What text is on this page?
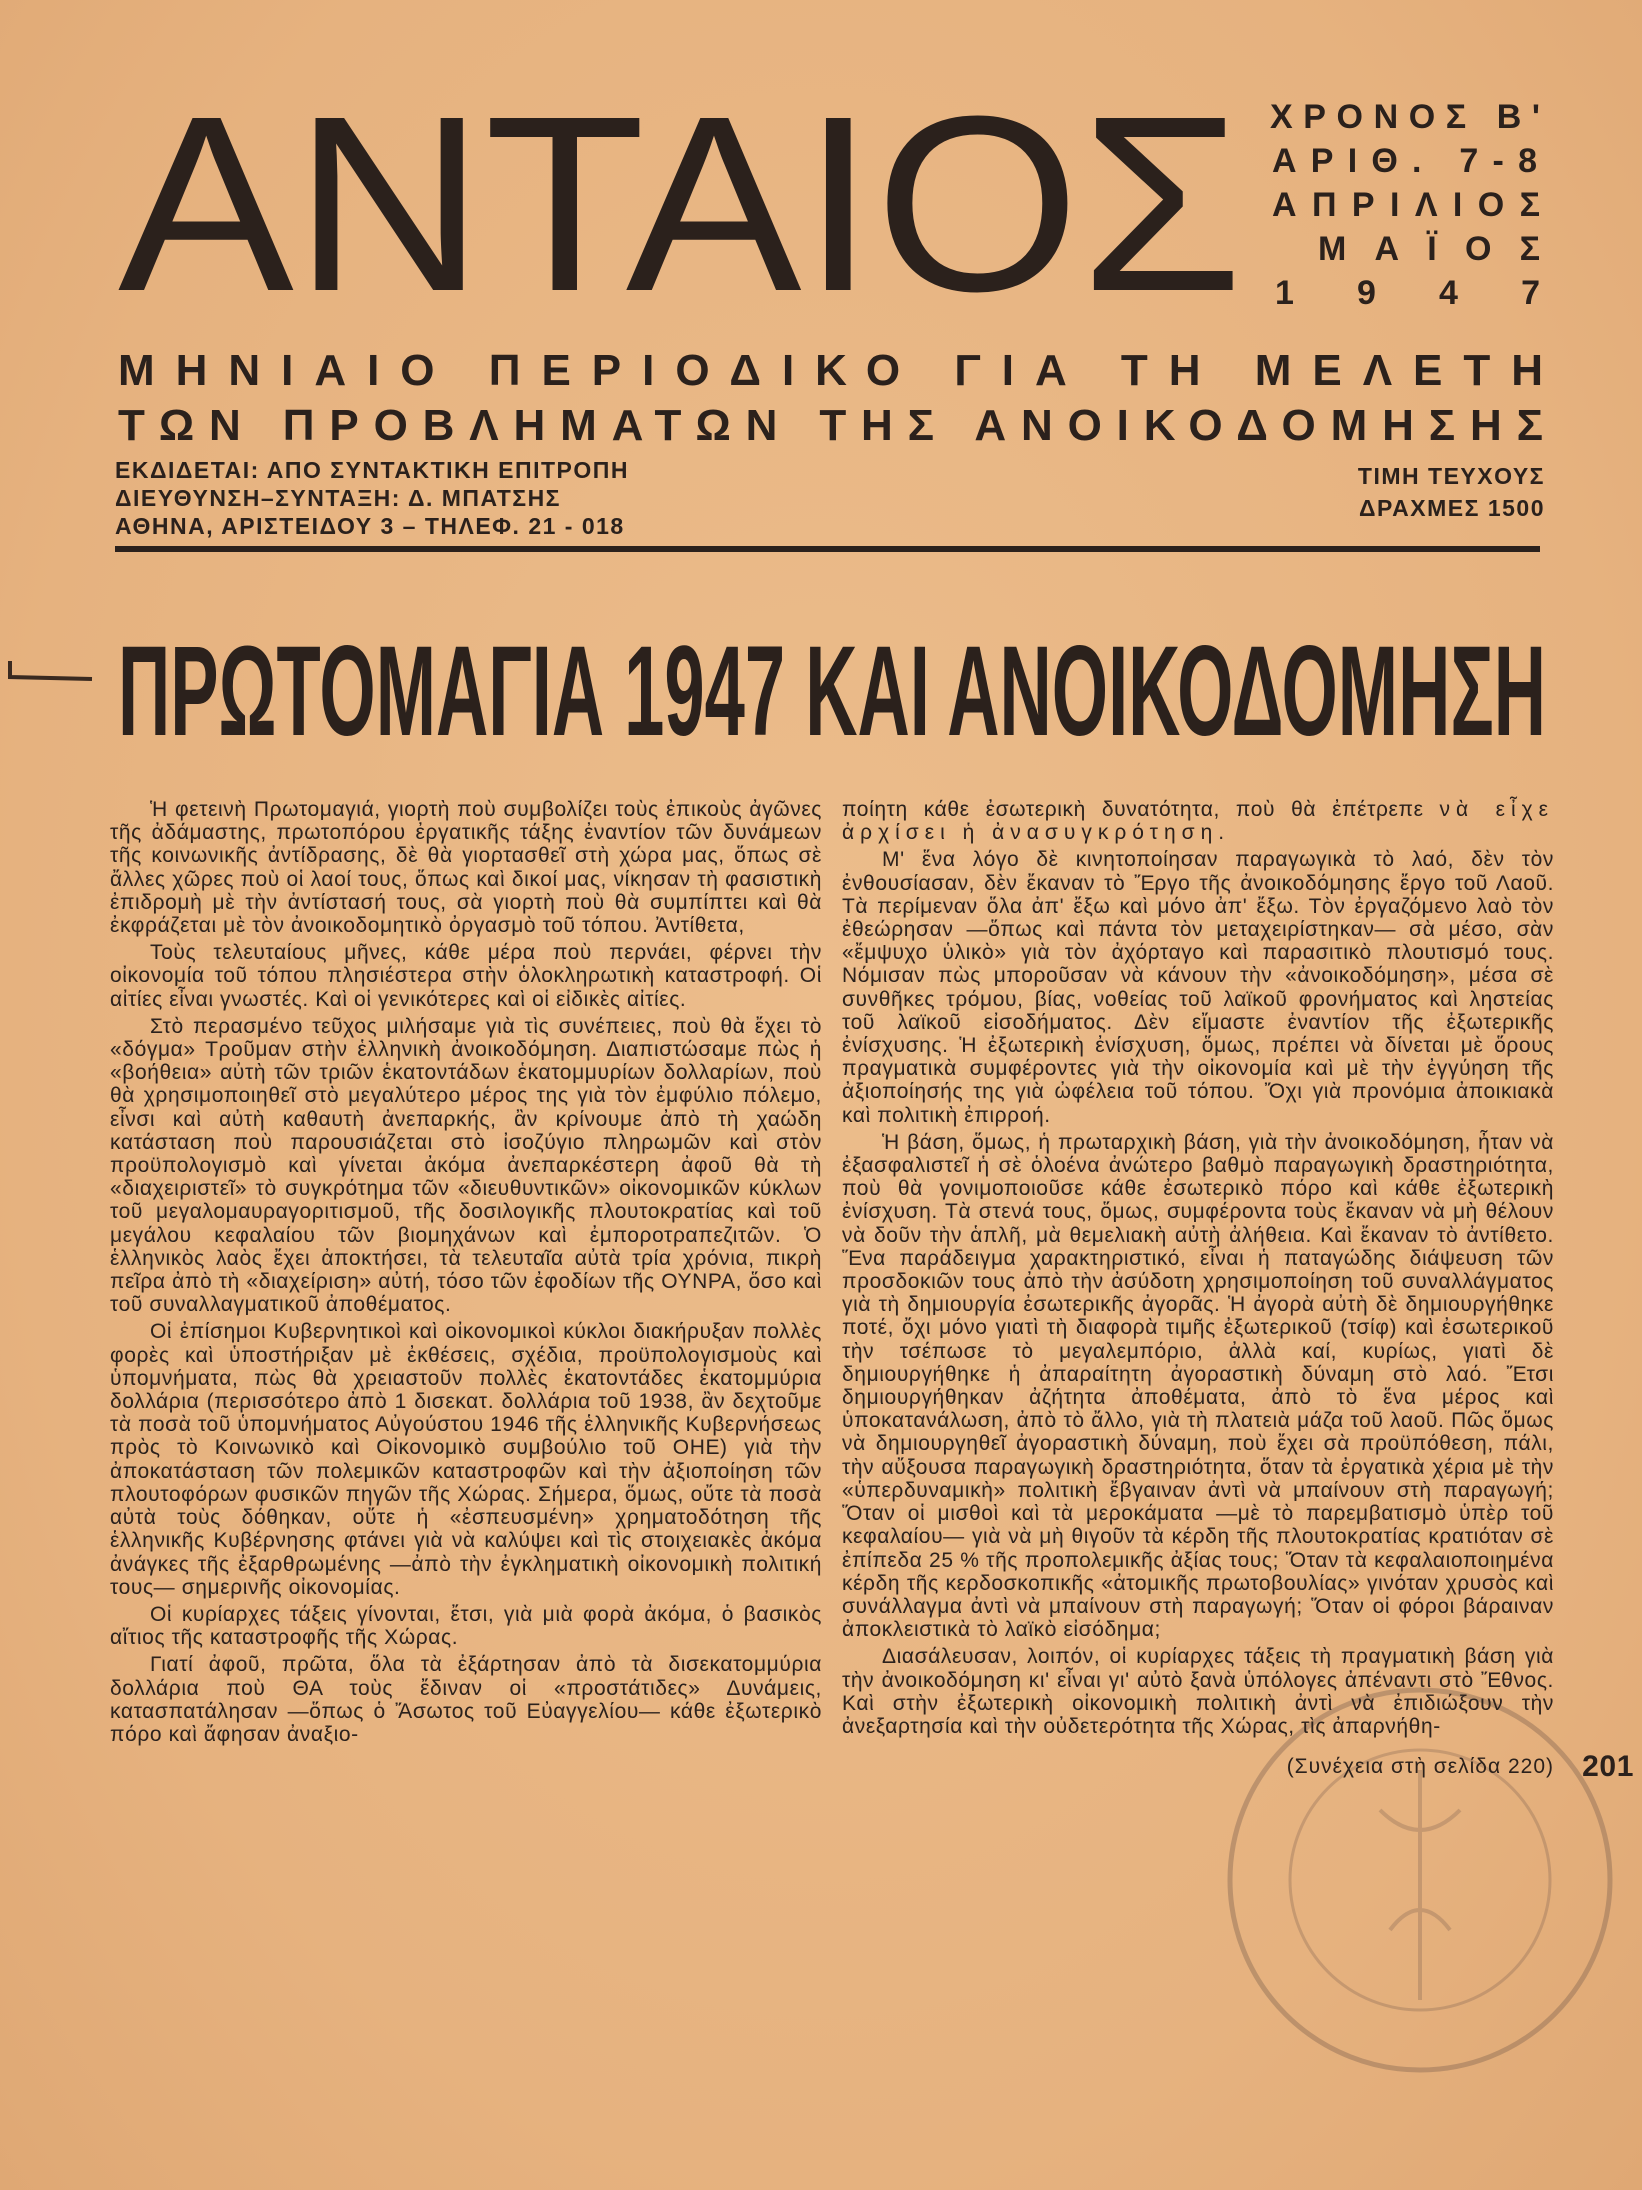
ΑΝΤΑΙΟΣ ΧΡΟΝΟΣ Β'
ΑΡΙΘ. 7-8
ΑΠΡΙΛΙΟΣ
ΜΑΪΟΣ
1 9 4 7
ΜΗΝΙΑΙΟ ΠΕΡΙΟΔΙΚΟ ΓΙΑ ΤΗ ΜΕΛΕΤΗ
ΤΩΝ ΠΡΟΒΛΗΜΑΤΩΝ ΤΗΣ ΑΝΟΙΚΟΔΟΜΗΣΗΣ
ΠΡΩΤΟΜΑΓΙΑ 1947 ΚΑΙ ΑΝΟΙΚΟΔΟΜΗΣΗ
ΕΚΔΙΔΕΤΑΙ: ΑΠΟ ΣΥΝΤΑΚΤΙΚΗ ΕΠΙΤΡΟΠΗ
ΔΙΕΥΘΥΝΣΗ–ΣΥΝΤΑΞΗ: Δ. ΜΠΑΤΣΗΣ
ΑΘΗΝΑ, ΑΡΙΣΤΕΙΔΟΥ 3 – ΤΗΛΕΦ. 21 - 018
ΤΙΜΗ ΤΕΥΧΟΥΣ
ΔΡΑΧΜΕΣ 1500

Ἡ φετεινὴ Πρωτομαγιά, γιορτὴ ποὺ συμβολίζει τοὺς ἐπικοὺς ἀγῶνες τῆς ἀδάμαστης, πρωτοπόρου ἐργατικῆς τάξης ἐναντίον τῶν δυνάμεων τῆς κοινωνικῆς ἀντίδρασης, δὲ θὰ γιορτασθεῖ στὴ χώρα μας, ὅπως σὲ ἄλλες χῶρες ποὺ οἱ λαοί τους, ὅπως καὶ δικοί μας, νίκησαν τὴ φασιστικὴ ἐπιδρομὴ μὲ τὴν ἀντίστασή τους, σὰ γιορτὴ ποὺ θὰ συμπίπτει καὶ θὰ ἐκφράζεται μὲ τὸν ἀνοικοδομητικὸ ὀργασμὸ τοῦ τόπου. Ἀντίθετα,

Τοὺς τελευταίους μῆνες, κάθε μέρα ποὺ περνάει, φέρνει τὴν οἰκονομία τοῦ τόπου πλησιέστερα στὴν ὁλοκληρωτικὴ καταστροφή. Οἱ αἰτίες εἶναι γνωστές. Καὶ οἱ γενικότερες καὶ οἱ εἰδικὲς αἰτίες.

Στὸ περασμένο τεῦχος μιλήσαμε γιὰ τὶς συνέπειες, ποὺ θὰ ἔχει τὸ «δόγμα» Τροῦμαν στὴν ἑλληνικὴ ἀνοικοδόμηση. Διαπιστώσαμε πὼς ἡ «βοήθεια» αὐτὴ τῶν τριῶν ἑκατοντάδων ἑκατομμυρίων δολλαρίων, ποὺ θὰ χρησιμοποιηθεῖ στὸ μεγαλύτερο μέρος της γιὰ τὸν ἐμφύλιο πόλεμο, εἶνσι καὶ αὐτὴ καθαυτὴ ἀνεπαρκής, ἂν κρίνουμε ἀπὸ τὴ χαώδη κατάσταση ποὺ παρουσιάζεται στὸ ἰσοζύγιο πληρωμῶν καὶ στὸν προϋπολογισμὸ καὶ γίνεται ἀκόμα ἀνεπαρκέστερη ἀφοῦ θὰ τὴ «διαχειριστεῖ» τὸ συγκρότημα τῶν «διευθυντικῶν» οἰκονομικῶν κύκλων τοῦ μεγαλομαυραγοριτισμοῦ, τῆς δοσιλογικῆς πλουτοκρατίας καὶ τοῦ μεγάλου κεφαλαίου τῶν βιομηχάνων καὶ ἐμποροτραπεζιτῶν. Ὁ ἑλληνικὸς λαὸς ἔχει ἀποκτήσει, τὰ τελευταῖα αὐτὰ τρία χρόνια, πικρὴ πεῖρα ἀπὸ τὴ «διαχείριση» αὐτή, τόσο τῶν ἐφοδίων τῆς ΟΥΝΡΑ, ὅσο καὶ τοῦ συναλλαγματικοῦ ἀποθέματος.

Οἱ ἐπίσημοι Κυβερνητικοὶ καὶ οἰκονομικοὶ κύκλοι διακήρυξαν πολλὲς φορὲς καὶ ὑποστήριξαν μὲ ἐκθέσεις, σχέδια, προϋπολογισμοὺς καὶ ὑπομνήματα, πὼς θὰ χρειαστοῦν πολλὲς ἑκατοντάδες ἑκατομμύρια δολλάρια (περισσότερο ἀπὸ 1 δισεκατ. δολλάρια τοῦ 1938, ἂν δεχτοῦμε τὰ ποσὰ τοῦ ὑπομνήματος Αὐγούστου 1946 τῆς ἑλληνικῆς Κυβερνήσεως πρὸς τὸ Κοινωνικὸ καὶ Οἰκονομικὸ συμβούλιο τοῦ ΟΗΕ) γιὰ τὴν ἀποκατάσταση τῶν πολεμικῶν καταστροφῶν καὶ τὴν ἀξιοποίηση τῶν πλουτοφόρων φυσικῶν πηγῶν τῆς Χώρας. Σήμερα, ὅμως, οὔτε τὰ ποσὰ αὐτὰ τοὺς δόθηκαν, οὔτε ἡ «ἐσπευσμένη» χρηματοδότηση τῆς ἑλληνικῆς Κυβέρνησης φτάνει γιὰ νὰ καλύψει καὶ τὶς στοιχειακὲς ἀκόμα ἀνάγκες τῆς ἐξαρθρωμένης —ἀπὸ τὴν ἐγκληματικὴ οἰκονομικὴ πολιτική τους— σημερινῆς οἰκονομίας.

Οἱ κυρίαρχες τάξεις γίνονται, ἔτσι, γιὰ μιὰ φορὰ ἀκόμα, ὁ βασικὸς αἴτιος τῆς καταστροφῆς τῆς Χώρας.

Γιατί ἀφοῦ, πρῶτα, ὅλα τὰ ἐξάρτησαν ἀπὸ τὰ δισεκατομμύρια δολλάρια ποὺ ΘΑ τοὺς ἔδιναν οἱ «προστάτιδες» Δυνάμεις, κατασπατάλησαν —ὅπως ὁ Ἄσωτος τοῦ Εὐαγγελίου— κάθε ἐξωτερικὸ πόρο καὶ ἄφησαν ἀναξιο-

ποίητη κάθε ἐσωτερικὴ δυνατότητα, ποὺ θὰ ἐπέτρεπε νὰ εἶχε ἀρχίσει ἡ ἀνασυγκρότηση.

Μ' ἕνα λόγο δὲ κινητοποίησαν παραγωγικὰ τὸ λαό, δὲν τὸν ἐνθουσίασαν, δὲν ἔκαναν τὸ Ἔργο τῆς ἀνοικοδόμησης ἔργο τοῦ Λαοῦ. Τὰ περίμεναν ὅλα ἀπ' ἔξω καὶ μόνο ἀπ' ἔξω. Τὸν ἐργαζόμενο λαὸ τὸν ἐθεώρησαν —ὅπως καὶ πάντα τὸν μεταχειρίστηκαν— σὰ μέσο, σὰν «ἔμψυχο ὑλικὸ» γιὰ τὸν ἀχόρταγο καὶ παρασιτικὸ πλουτισμό τους. Νόμισαν πὼς μποροῦσαν νὰ κάνουν τὴν «ἀνοικοδόμηση», μέσα σὲ συνθῆκες τρόμου, βίας, νοθείας τοῦ λαϊκοῦ φρονήματος καὶ ληστείας τοῦ λαϊκοῦ εἰσοδήματος. Δὲν εἴμαστε ἐναντίον τῆς ἐξωτερικῆς ἐνίσχυσης. Ἡ ἐξωτερικὴ ἐνίσχυση, ὅμως, πρέπει νὰ δίνεται μὲ ὅρους πραγματικὰ συμφέροντες γιὰ τὴν οἰκονομία καὶ μὲ τὴν ἐγγύηση τῆς ἀξιοποίησής της γιὰ ὠφέλεια τοῦ τόπου. Ὄχι γιὰ προνόμια ἀποικιακὰ καὶ πολιτικὴ ἐπιρροή.

Ἡ βάση, ὅμως, ἡ πρωταρχικὴ βάση, γιὰ τὴν ἀνοικοδόμηση, ἦταν νὰ ἐξασφαλιστεῖ ἡ σὲ ὁλοένα ἀνώτερο βαθμὸ παραγωγικὴ δραστηριότητα, ποὺ θὰ γονιμοποιοῦσε κάθε ἐσωτερικὸ πόρο καὶ κάθε ἐξωτερικὴ ἐνίσχυση. Τὰ στενά τους, ὅμως, συμφέροντα τοὺς ἔκαναν νὰ μὴ θέλουν νὰ δοῦν τὴν ἁπλῆ, μὰ θεμελιακὴ αὐτὴ ἀλήθεια. Καὶ ἔκαναν τὸ ἀντίθετο. Ἕνα παράδειγμα χαρακτηριστικό, εἶναι ἡ παταγώδης διάψευση τῶν προσδοκιῶν τους ἀπὸ τὴν ἀσύδοτη χρησιμοποίηση τοῦ συναλλάγματος γιὰ τὴ δημιουργία ἐσωτερικῆς ἀγορᾶς. Ἡ ἀγορὰ αὐτὴ δὲ δημιουργήθηκε ποτέ, ὄχι μόνο γιατὶ τὴ διαφορὰ τιμῆς ἐξωτερικοῦ (τσίφ) καὶ ἐσωτερικοῦ τὴν τσέπωσε τὸ μεγαλεμπόριο, ἀλλὰ καί, κυρίως, γιατὶ δὲ δημιουργήθηκε ἡ ἀπαραίτητη ἀγοραστικὴ δύναμη στὸ λαό. Ἔτσι δημιουργήθηκαν ἀζήτητα ἀποθέματα, ἀπὸ τὸ ἕνα μέρος καὶ ὑποκατανάλωση, ἀπὸ τὸ ἄλλο, γιὰ τὴ πλατειὰ μάζα τοῦ λαοῦ. Πῶς ὅμως νὰ δημιουργηθεῖ ἀγοραστικὴ δύναμη, ποὺ ἔχει σὰ προϋπόθεση, πάλι, τὴν αὔξουσα παραγωγικὴ δραστηριότητα, ὅταν τὰ ἐργατικὰ χέρια μὲ τὴν «ὑπερδυναμικὴ» πολιτικὴ ἔβγαιναν ἀντὶ νὰ μπαίνουν στὴ παραγωγή; Ὅταν οἱ μισθοὶ καὶ τὰ μεροκάματα —μὲ τὸ παρεμβατισμὸ ὑπὲρ τοῦ κεφαλαίου— γιὰ νὰ μὴ θιγοῦν τὰ κέρδη τῆς πλουτοκρατίας κρατιόταν σὲ ἐπίπεδα 25 % τῆς προπολεμικῆς ἀξίας τους; Ὅταν τὰ κεφαλαιοποιημένα κέρδη τῆς κερδοσκοπικῆς «ἀτομικῆς πρωτοβουλίας» γινόταν χρυσὸς καὶ συνάλλαγμα ἀντὶ νὰ μπαίνουν στὴ παραγωγή; Ὅταν οἱ φόροι βάραιναν ἀποκλειστικὰ τὸ λαϊκὸ εἰσόδημα;

Διασάλευσαν, λοιπόν, οἱ κυρίαρχες τάξεις τὴ πραγματικὴ βάση γιὰ τὴν ἀνοικοδόμηση κι' εἶναι γι' αὐτὸ ξανὰ ὑπόλογες ἀπέναντι στὸ Ἔθνος. Καὶ στὴν ἐξωτερικὴ οἰκονομικὴ πολιτικὴ ἀντὶ νὰ ἐπιδιώξουν τὴν ἀνεξαρτησία καὶ τὴν οὐδετερότητα τῆς Χώρας, τὶς ἀπαρνήθη-

(Συνέχεια στὴ σελίδα 220) 201
